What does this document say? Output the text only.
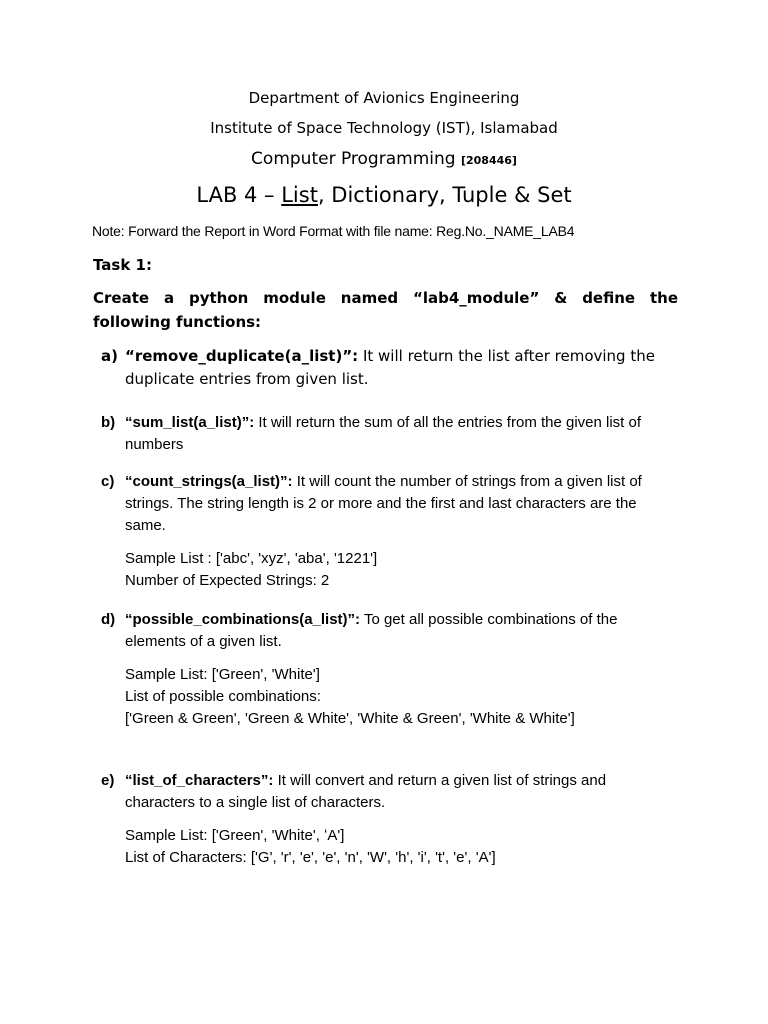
Department of Avionics Engineering
Institute of Space Technology (IST), Islamabad
Computer Programming [208446]
LAB 4 – List, Dictionary, Tuple & Set
Note: Forward the Report in Word Format with file name: Reg.No._NAME_LAB4
Task 1:
Create a python module named “lab4_module” & define the following functions:
a) “remove_duplicate(a_list)”: It will return the list after removing the duplicate entries from given list.
b) “sum_list(a_list)”: It will return the sum of all the entries from the given list of numbers
c) “count_strings(a_list)”: It will count the number of strings from a given list of strings. The string length is 2 or more and the first and last characters are the same.
Sample List : ['abc', 'xyz', 'aba', '1221']
Number of Expected Strings: 2
d) “possible_combinations(a_list)”: To get all possible combinations of the elements of a given list.
Sample List: ['Green', 'White']
List of possible combinations:
['Green & Green', 'Green & White', 'White & Green', 'White & White']
e) “list_of_characters”: It will convert and return a given list of strings and characters to a single list of characters.
Sample List: ['Green', 'White', ʻA']
List of Characters: ['G', 'r', 'e', 'e', 'n', 'W', 'h', 'i', 't', 'e', 'A']
